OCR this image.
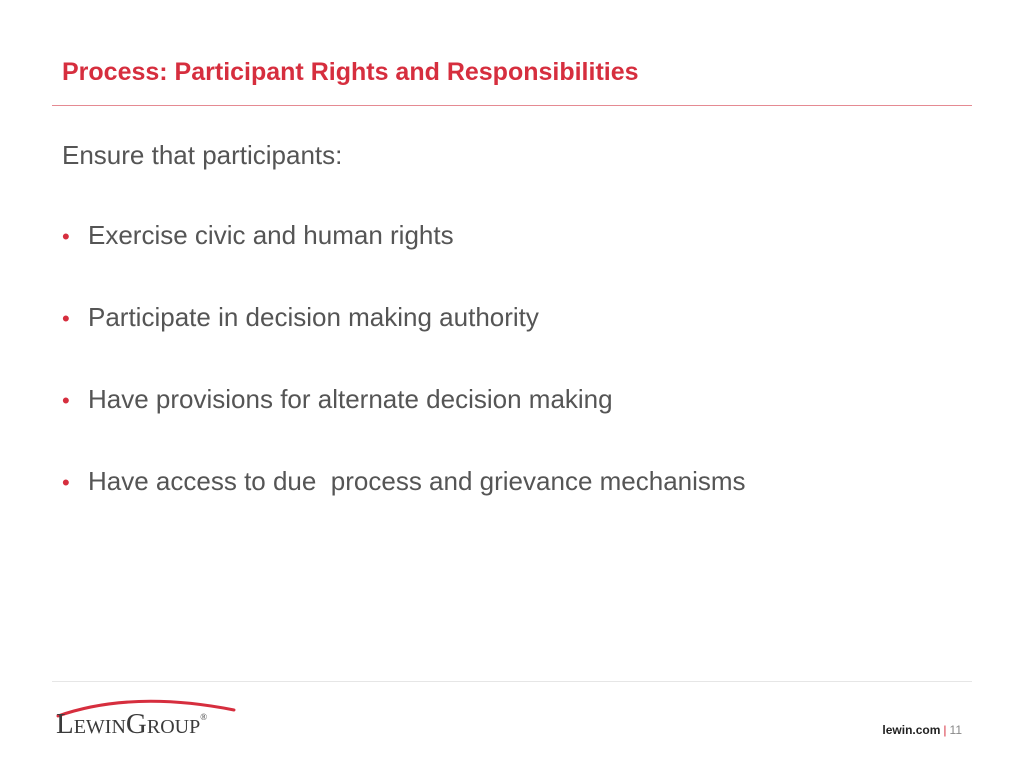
Process: Participant Rights and Responsibilities

Ensure that participants:

• Exercise civic and human rights
• Participate in decision making authority
• Have provisions for alternate decision making
• Have access to due  process and grievance mechanisms
LewinGroup®
lewin.com | 11
